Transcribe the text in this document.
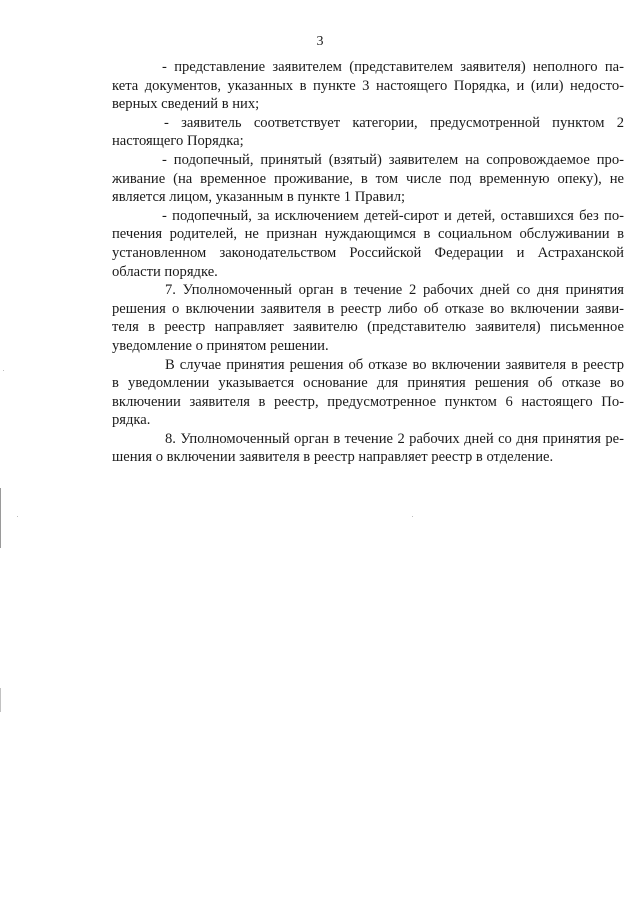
3
- представление заявителем (представителем заявителя) неполного па-
кета документов, указанных в пункте 3 настоящего Порядка, и (или) недосто-
верных сведений в них;
- заявитель соответствует категории, предусмотренной пунктом 2
настоящего Порядка;
- подопечный, принятый (взятый) заявителем на сопровождаемое про-
живание (на временное проживание, в том числе под временную опеку), не
является лицом, указанным в пункте 1 Правил;
- подопечный, за исключением детей-сирот и детей, оставшихся без по-
печения родителей, не признан нуждающимся в социальном обслуживании в
установленном законодательством Российской Федерации и Астраханской
области порядке.
7. Уполномоченный орган в течение 2 рабочих дней со дня принятия
решения о включении заявителя в реестр либо об отказе во включении заяви-
теля в реестр направляет заявителю (представителю заявителя) письменное
уведомление о принятом решении.
В случае принятия решения об отказе во включении заявителя в реестр
в уведомлении указывается основание для принятия решения об отказе во
включении заявителя в реестр, предусмотренное пунктом 6 настоящего По-
рядка.
8. Уполномоченный орган в течение 2 рабочих дней со дня принятия ре-
шения о включении заявителя в реестр направляет реестр в отделение.
